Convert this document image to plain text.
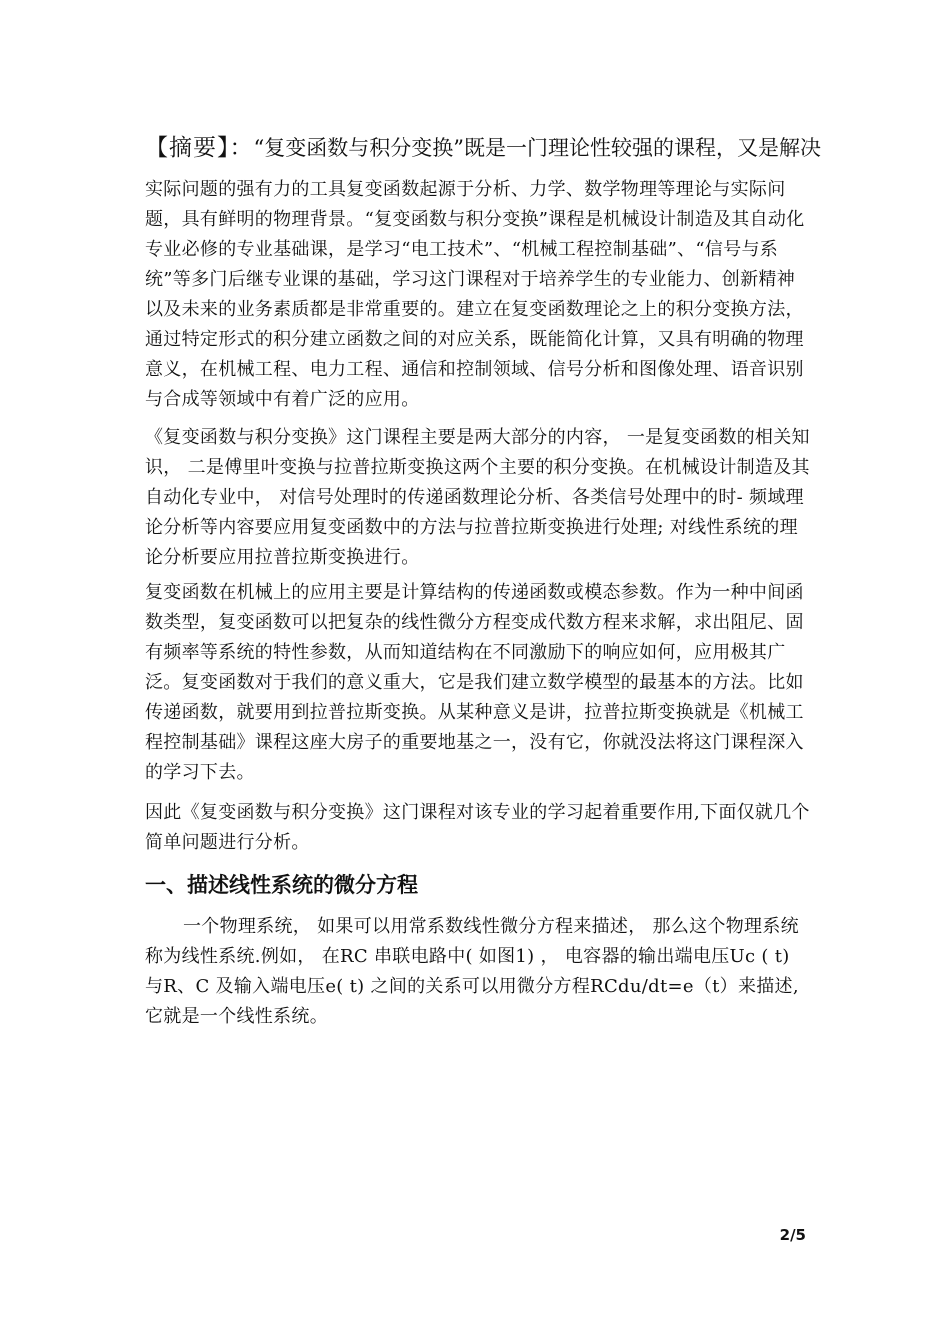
【摘要】：“复变函数与积分变换”既是一门理论性较强的课程，又是解决

实际问题的强有力的工具复变函数起源于分析、力学、数学物理等理论与实际问题，具有鲜明的物理背景。“复变函数与积分变换”课程是机械设计制造及其自动化专业必修的专业基础课，是学习“电工技术”、“机械工程控制基础”、“信号与系统”等多门后继专业课的基础，学习这门课程对于培养学生的专业能力、创新精神以及未来的业务素质都是非常重要的。建立在复变函数理论之上的积分变换方法，通过特定形式的积分建立函数之间的对应关系，既能简化计算，又具有明确的物理意义，在机械工程、电力工程、通信和控制领域、信号分析和图像处理、语音识别与合成等领域中有着广泛的应用。

《复变函数与积分变换》这门课程主要是两大部分的内容， 一是复变函数的相关知识， 二是傅里叶变换与拉普拉斯变换这两个主要的积分变换。在机械设计制造及其自动化专业中， 对信号处理时的传递函数理论分析、各类信号处理中的时- 频域理论分析等内容要应用复变函数中的方法与拉普拉斯变换进行处理; 对线性系统的理论分析要应用拉普拉斯变换进行。

复变函数在机械上的应用主要是计算结构的传递函数或模态参数。作为一种中间函数类型，复变函数可以把复杂的线性微分方程变成代数方程来求解，求出阻尼、固有频率等系统的特性参数，从而知道结构在不同激励下的响应如何，应用极其广泛。复变函数对于我们的意义重大，它是我们建立数学模型的最基本的方法。比如传递函数，就要用到拉普拉斯变换。从某种意义是讲，拉普拉斯变换就是《机械工程控制基础》课程这座大房子的重要地基之一，没有它，你就没法将这门课程深入的学习下去。

因此《复变函数与积分变换》这门课程对该专业的学习起着重要作用,下面仅就几个简单问题进行分析。

一、描述线性系统的微分方程

一个物理系统， 如果可以用常系数线性微分方程来描述， 那么这个物理系统称为线性系统.例如， 在RC 串联电路中( 如图1) ， 电容器的输出端电压Uc ( t) 与R、C 及输入端电压e( t) 之间的关系可以用微分方程RCdu/dt=e（t）来描述,它就是一个线性系统。

2/5
